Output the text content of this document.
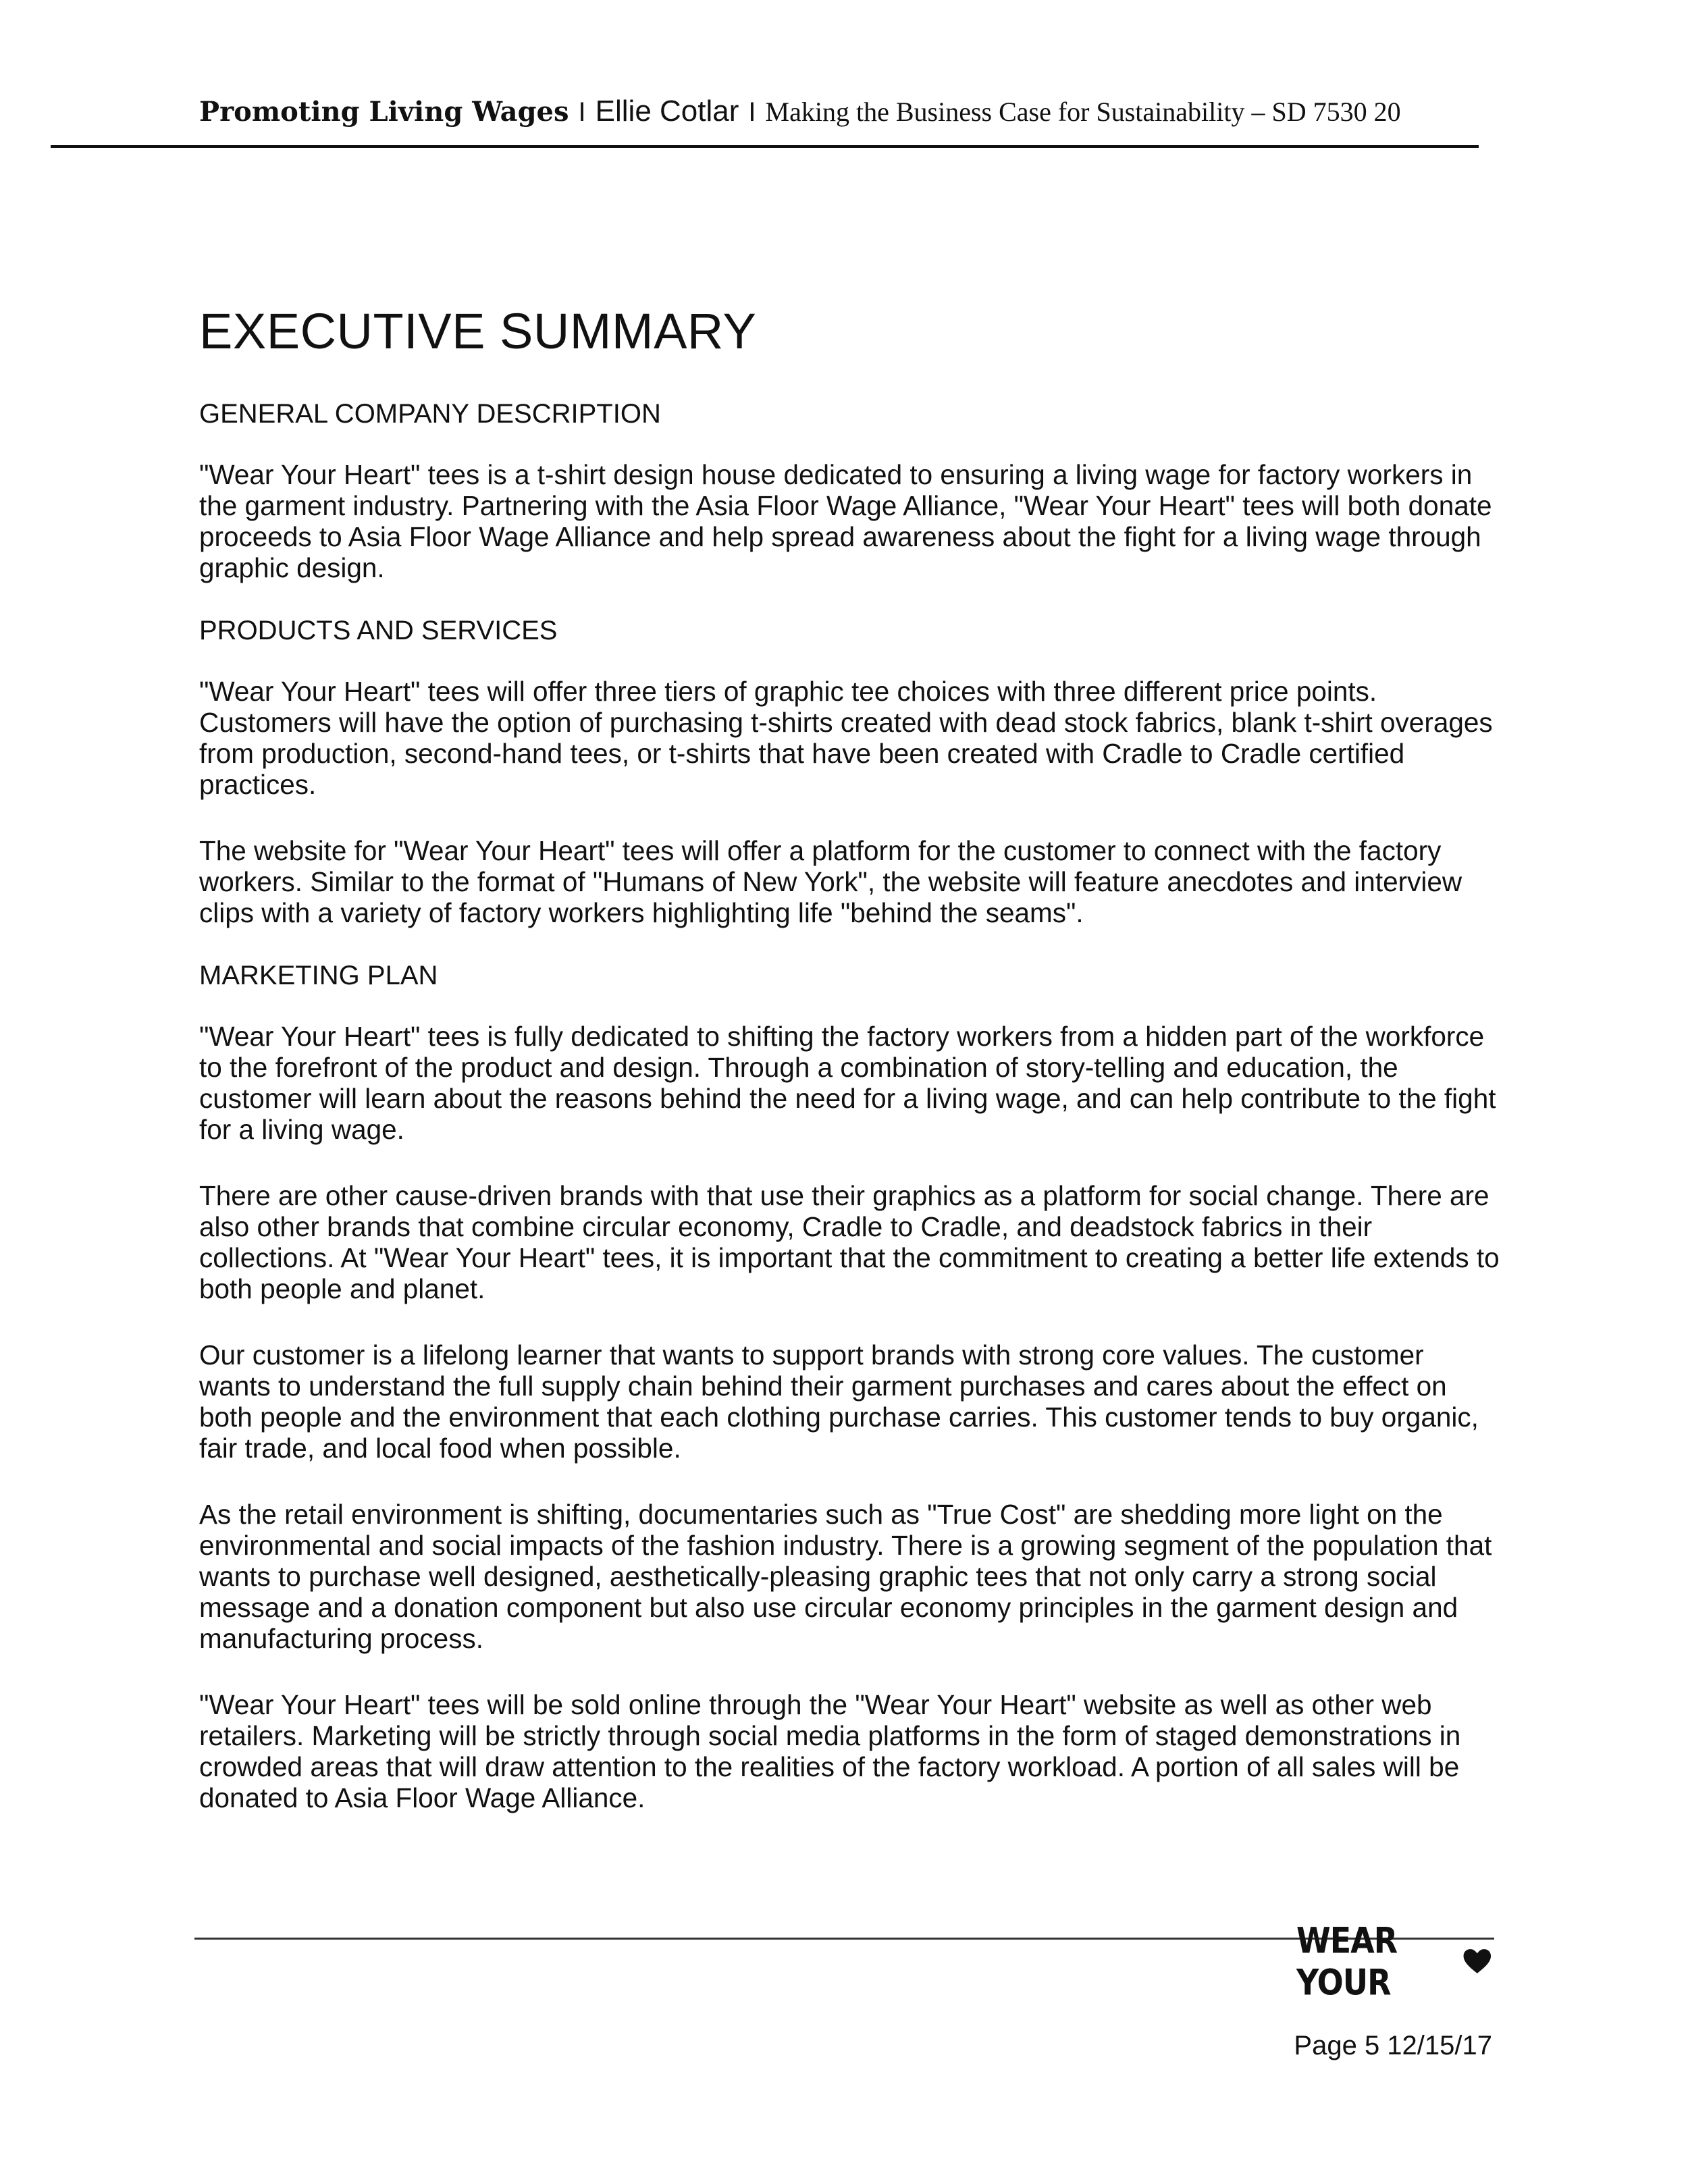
Promoting Living Wages I Ellie Cotlar I Making the Business Case for Sustainability – SD 7530 20
EXECUTIVE SUMMARY
GENERAL COMPANY DESCRIPTION

"Wear Your Heart" tees is a t-shirt design house dedicated to ensuring a living wage for factory workers in the garment industry. Partnering with the Asia Floor Wage Alliance, "Wear Your Heart" tees will both donate proceeds to Asia Floor Wage Alliance and help spread awareness about the fight for a living wage through graphic design.

PRODUCTS AND SERVICES

"Wear Your Heart" tees will offer three tiers of graphic tee choices with three different price points. Customers will have the option of purchasing t-shirts created with dead stock fabrics, blank t-shirt overages from production, second-hand tees, or t-shirts that have been created with Cradle to Cradle certified practices.

The website for "Wear Your Heart" tees will offer a platform for the customer to connect with the factory workers. Similar to the format of "Humans of New York", the website will feature anecdotes and interview clips with a variety of factory workers highlighting life "behind the seams".

MARKETING PLAN

"Wear Your Heart" tees is fully dedicated to shifting the factory workers from a hidden part of the workforce to the forefront of the product and design. Through a combination of story-telling and education, the customer will learn about the reasons behind the need for a living wage, and can help contribute to the fight for a living wage.

There are other cause-driven brands with that use their graphics as a platform for social change. There are also other brands that combine circular economy, Cradle to Cradle, and deadstock fabrics in their collections. At "Wear Your Heart" tees, it is important that the commitment to creating a better life extends to both people and planet.

Our customer is a lifelong learner that wants to support brands with strong core values. The customer wants to understand the full supply chain behind their garment purchases and cares about the effect on both people and the environment that each clothing purchase carries. This customer tends to buy organic, fair trade, and local food when possible.

As the retail environment is shifting, documentaries such as "True Cost" are shedding more light on the environmental and social impacts of the fashion industry. There is a growing segment of the population that wants to purchase well designed, aesthetically-pleasing graphic tees that not only carry a strong social message and a donation component but also use circular economy principles in the garment design and manufacturing process.

"Wear Your Heart" tees will be sold online through the "Wear Your Heart" website as well as other web retailers. Marketing will be strictly through social media platforms in the form of staged demonstrations in crowded areas that will draw attention to the realities of the factory workload. A portion of all sales will be donated to Asia Floor Wage Alliance.

WEAR YOUR
Page 5 12/15/17
